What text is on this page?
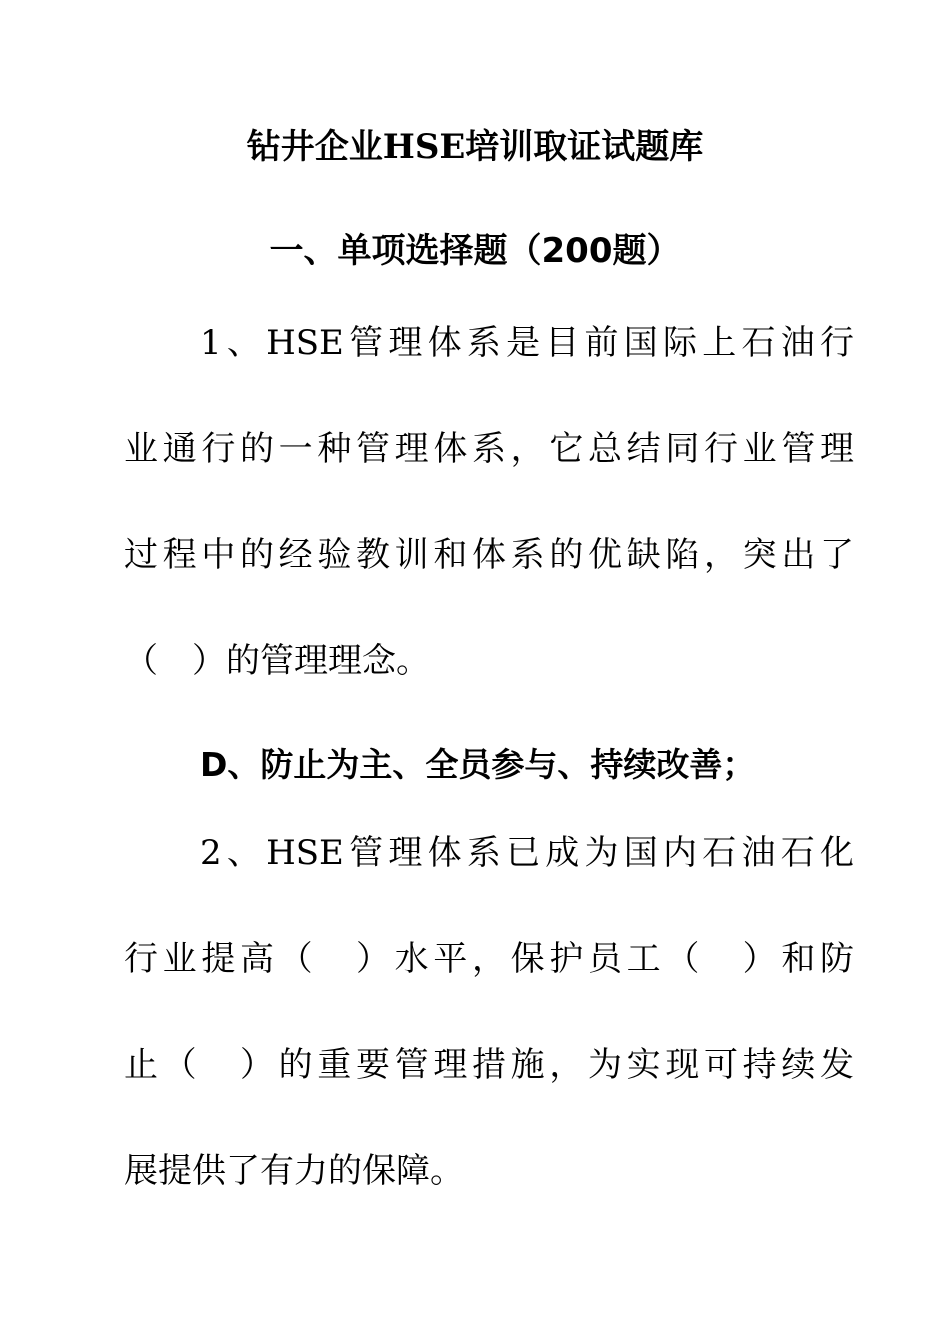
钻井企业HSE培训取证试题库
一、单项选择题（200题）
1、HSE管理体系是目前国际上石油行
业通行的一种管理体系，它总结同行业管理
过程中的经验教训和体系的优缺陷，突出了
（　）的管理理念。
D、防止为主、全员参与、持续改善；
2、HSE管理体系已成为国内石油石化
行业提高（　）水平，保护员工（　）和防
止（　）的重要管理措施，为实现可持续发
展提供了有力的保障。
